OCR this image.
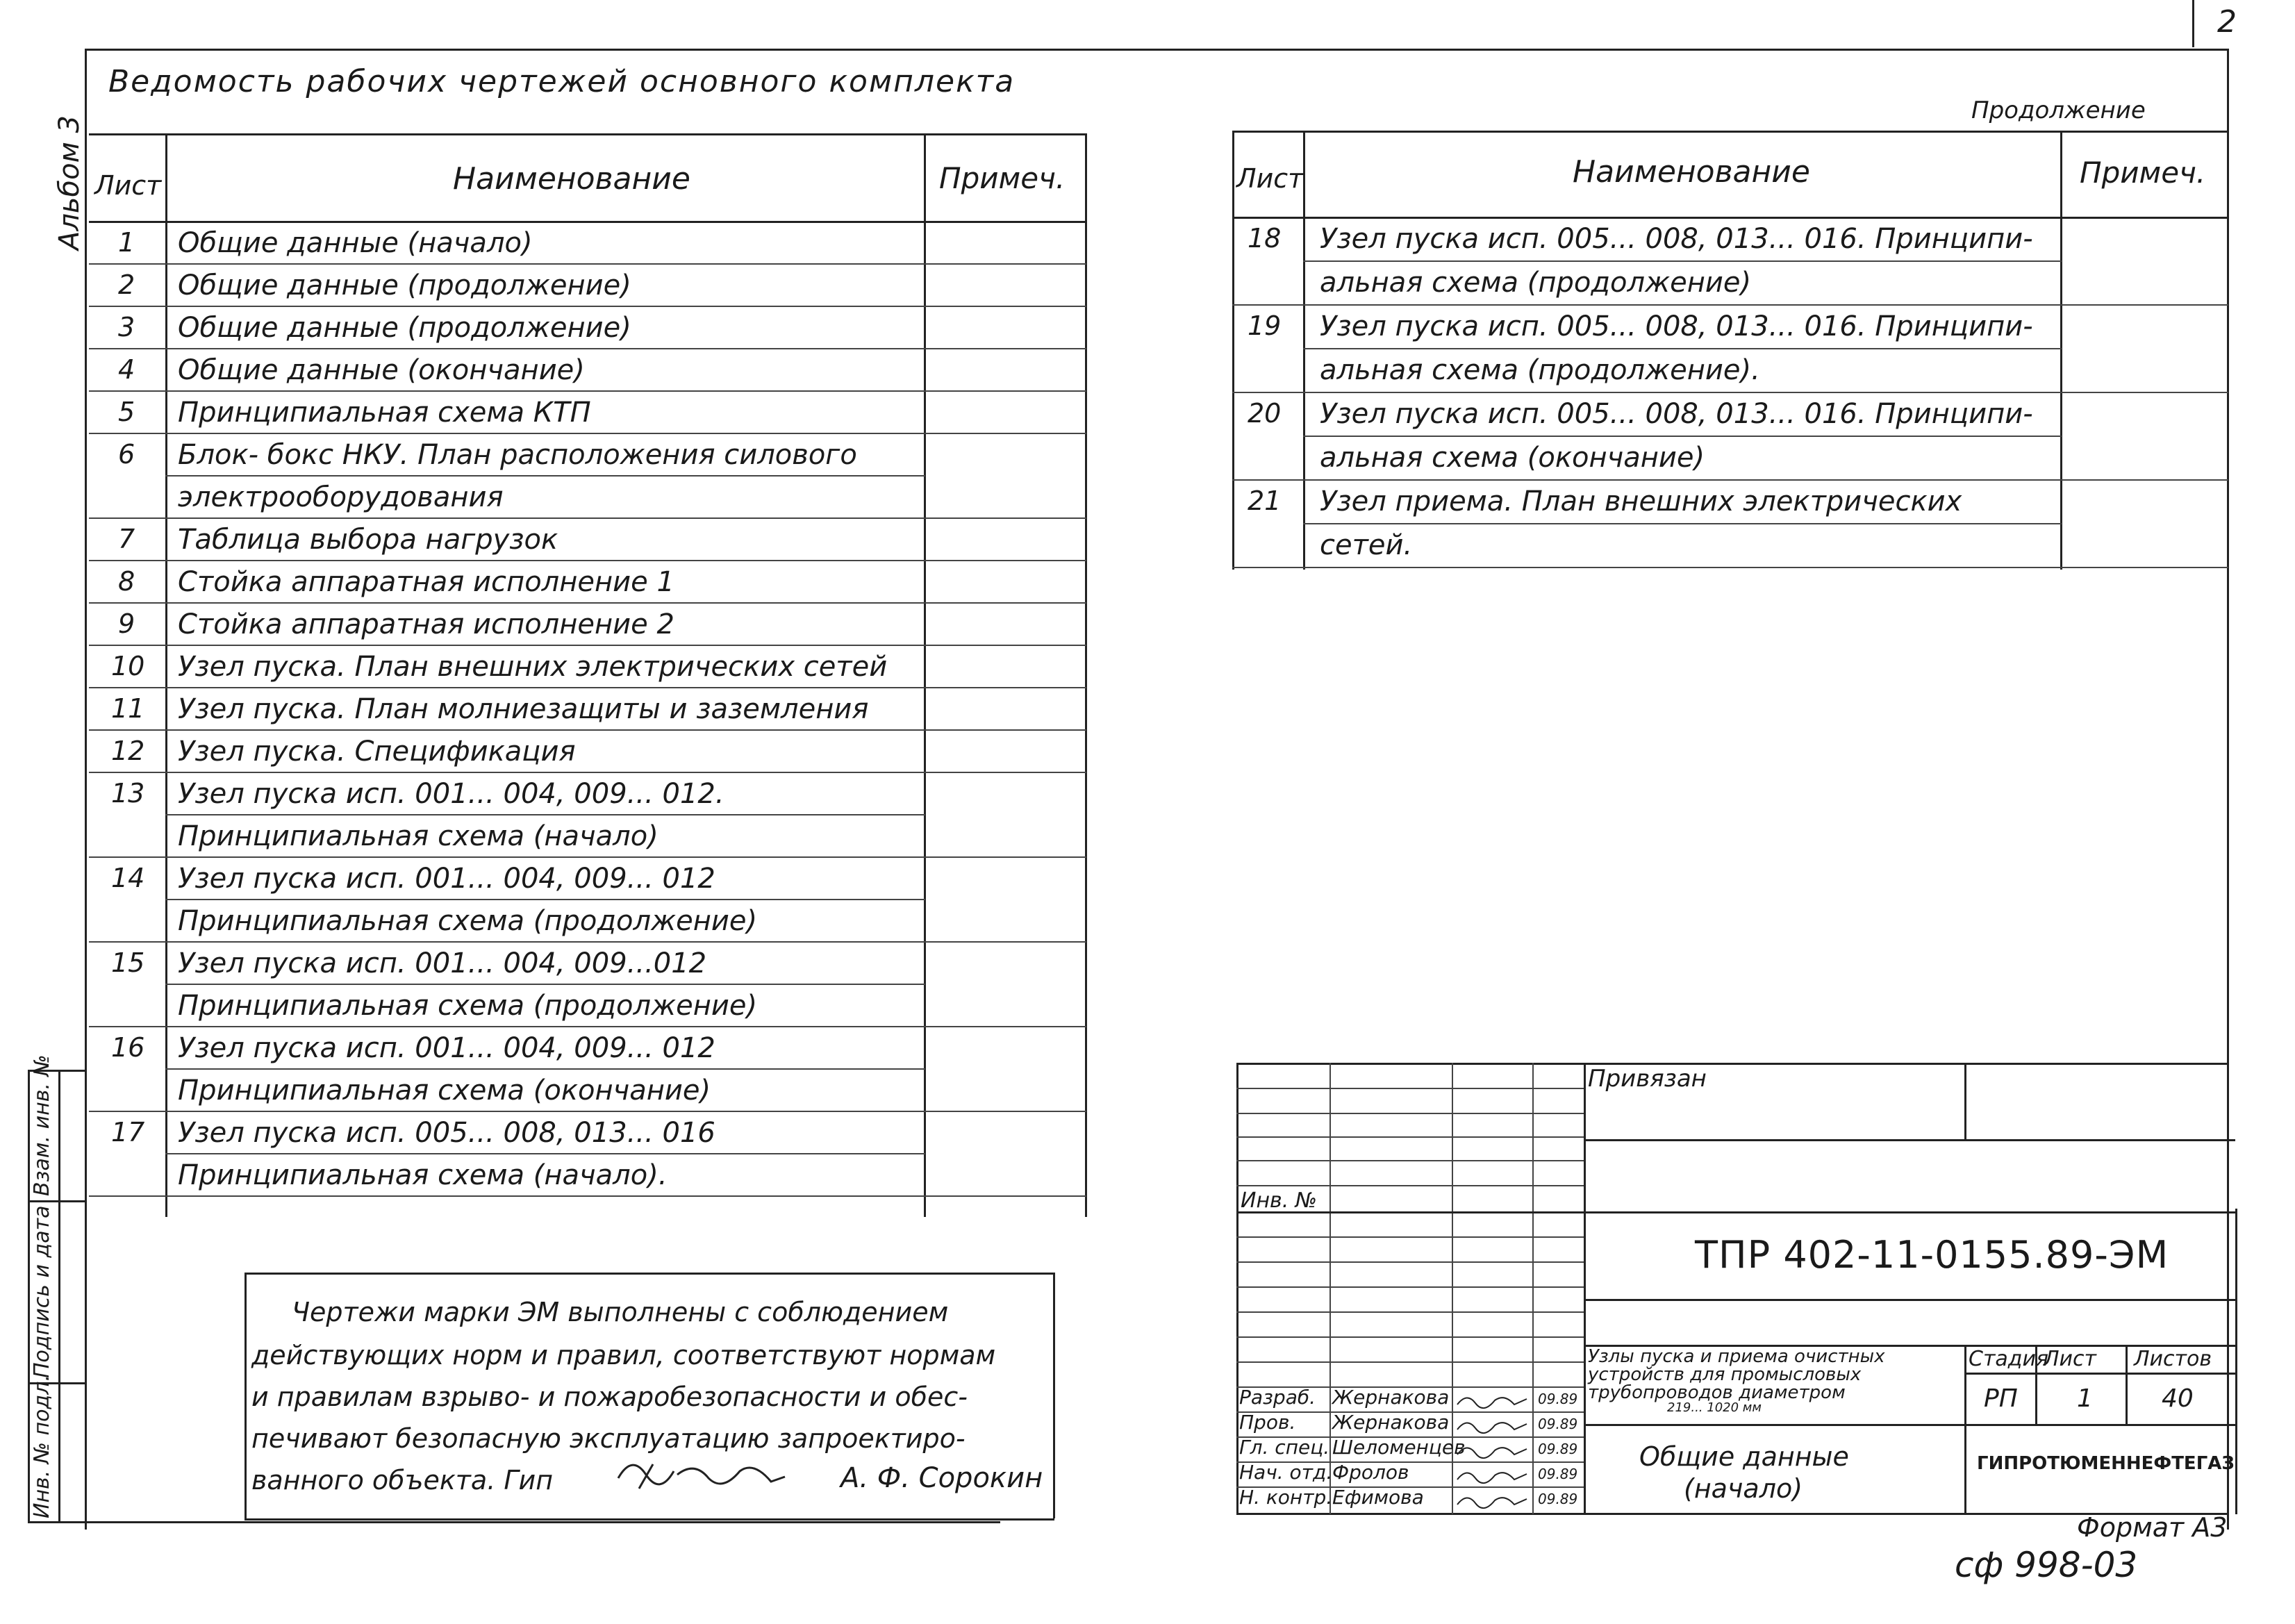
2
Альбом 3
Ведомость рабочих чертежей основного комплекта
Продолжение
Лист	Наименование	Примеч.
1 Общие данные (начало)
2 Общие данные (продолжение)
3 Общие данные (продолжение)
4 Общие данные (окончание)
5 Принципиальная схема КТП
6 Блок- бокс НКУ. План расположения силового
электрооборудования
7 Таблица выбора нагрузок
8 Стойка аппаратная исполнение 1
9 Стойка аппаратная исполнение 2
10 Узел пуска. План внешних электрических сетей
11 Узел пуска. План молниезащиты и заземления
12 Узел пуска. Спецификация
13 Узел пуска исп. 001... 004, 009... 012.
Принципиальная схема (начало)
14 Узел пуска исп. 001... 004, 009... 012
Принципиальная схема (продолжение)
15 Узел пуска исп. 001... 004, 009...012
Принципиальная схема (продолжение)
16 Узел пуска исп. 001... 004, 009... 012
Принципиальная схема (окончание)
17 Узел пуска исп. 005... 008, 013... 016
Принципиальная схема (начало).
Лист	Наименование	Примеч.
18 Узел пуска исп. 005... 008, 013... 016. Принципи-
альная схема (продолжение)
19 Узел пуска исп. 005... 008, 013... 016. Принципи-
альная схема (продолжение).
20 Узел пуска исп. 005... 008, 013... 016. Принципи-
альная схема (окончание)
21 Узел приема. План внешних электрических
сетей.
Взам. инв. №
Подпись и дата
Инв. № подл.
Чертежи марки ЭМ выполнены с соблюдением
действующих норм и правил, соответствуют нормам
и правилам взрыво- и пожаробезопасности и обес-
печивают безопасную эксплуатацию запроектиро-
ванного объекта. Гип	А. Ф. Сорокин
Привязан
Инв. №
ТПР 402-11-0155.89-ЭМ
Узлы пуска и приема очистных
устройств для промысловых
трубопроводов диаметром
219... 1020 мм
Стадия
Лист Листов
РП 1	40
Общие данные
(начало)
ГИПРОТЮМЕННЕФТЕГАЗ
Разраб. Жернакова	09.89
Пров. Жернакова	09.89
Гл. спец. Шеломенцев	09.89
Нач. отд. Фролов	09.89
Н. контр. Ефимова	09.89
Формат А3
сф 998-03
